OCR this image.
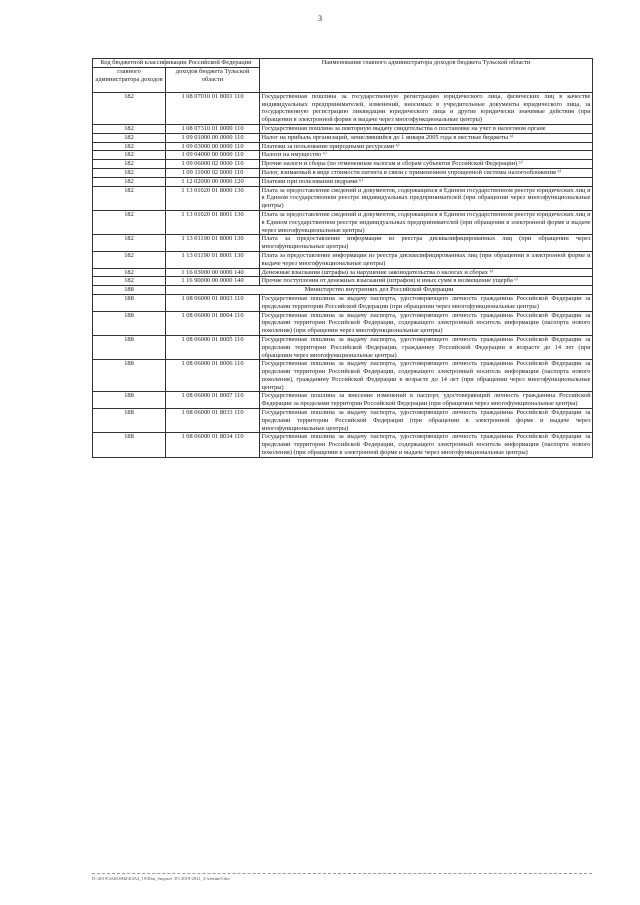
3
Код бюджетной классификации Российской Федерации		Наименование главного администратора доходов бюджета Тульской области
главного администратора доходов	доходов бюджета Тульской области	
182	1 08 07010 01 8001 110	Государственная пошлина за государственную регистрацию юридического лица, физических лиц в качестве индивидуальных предпринимателей, изменений, вносимых в учредительные документы юридического лица, за государственную регистрацию ликвидации юридического лица и другие юридически значимые действия (при обращении в электронной форме и выдаче через многофункциональные центры)
182	1 08 07310 01 0000 110	Государственная пошлина за повторную выдачу свидетельства о постановке на учет в налоговом органе
182	1 09 01000 00 0000 110	Налог на прибыль организаций, зачислявшийся до 1 января 2005 года в местные бюджеты ⁶⁾
182	1 09 03000 00 0000 110	Платежи за пользование природными ресурсами ⁶⁾
182	1 09 04000 00 0000 110	Налоги на имущество ⁶⁾
182	1 09 06000 02 0000 110	Прочие налоги и сборы (по отмененным налогам и сборам субъектов Российской Федерации) ⁶⁾
182	1 09 11000 02 0000 110	Налог, взимаемый в виде стоимости патента в связи с применением упрощенной системы налогообложения ⁶⁾
182	1 12 02000 00 0000 120	Платежи при пользовании недрами ⁶⁾
182	1 13 01020 01 8000 130	Плата за предоставление сведений и документов, содержащихся в Едином государственном реестре юридических лиц и в Едином государственном реестре индивидуальных предпринимателей (при обращении через многофункциональные центры)
182	1 13 01020 01 8001 130	Плата за предоставление сведений и документов, содержащихся в Едином государственном реестре юридических лиц и в Едином государственном реестре индивидуальных предпринимателей (при обращении в электронной форме и выдаче через многофункциональные центры)
182	1 13 01190 01 8000 130	Плата за предоставление информации из реестра дисквалифицированных лиц (при обращении через многофункциональные центры)
182	1 13 01190 01 8001 130	Плата за предоставление информации из реестра дисквалифицированных лиц (при обращении в электронной форме и выдаче через многофункциональные центры)
182	1 16 03000 00 0000 140	Денежные взыскания (штрафы) за нарушение законодательства о налогах и сборах ⁶⁾
182	1 16 90000 00 0000 140	Прочие поступления от денежных взысканий (штрафов) и иных сумм в возмещение ущерба ⁶⁾
188	Министерство внутренних дел Российской Федерации	
188	1 08 06000 01 8003 110	Государственная пошлина за выдачу паспорта, удостоверяющего личность гражданина Российской Федерации за пределами территории Российской Федерации (при обращении через многофункциональные центры)
188	1 08 06000 01 8004 110	Государственная пошлина за выдачу паспорта, удостоверяющего личность гражданина Российской Федерации за пределами территории Российской Федерации, содержащего электронный носитель информации (паспорта нового поколения) (при обращении через многофункциональные центры)
188	1 08 06000 01 8005 110	Государственная пошлина за выдачу паспорта, удостоверяющего личность гражданина Российской Федерации за пределами территории Российской Федерации, гражданину Российской Федерации в возрасте до 14 лет (при обращении через многофункциональные центры)
188	1 08 06000 01 8006 110	Государственная пошлина за выдачу паспорта, удостоверяющего личность гражданина Российской Федерации за пределами территории Российской Федерации, содержащего электронный носитель информации (паспорта нового поколения), гражданину Российской Федерации в возрасте до 14 лет (при обращении через многофункциональные центры)
188	1 08 06000 01 8007 110	Государственная пошлина за внесение изменений в паспорт, удостоверяющий личность гражданина Российской Федерации за пределами территории Российской Федерации (при обращении через многофункциональные центры)
188	1 08 06000 01 8033 110	Государственная пошлина за выдачу паспорта, удостоверяющего личность гражданина Российской Федерации за пределами территории Российской Федерации (при обращении в электронной форме и выдаче через многофункциональные центры)
188	1 08 06000 01 8034 110	Государственная пошлина за выдачу паспорта, удостоверяющего личность гражданина Российской Федерации за пределами территории Российской Федерации, содержащего электронный носитель информации (паспорта нового поколения) (при обращении в электронной форме и выдаче через многофункциональные центры)
D:\2019\ЗАКОНЫ\БЗАЗ_19\Нов_бюджет ТО 2019-2021_2-чтение3.doc
